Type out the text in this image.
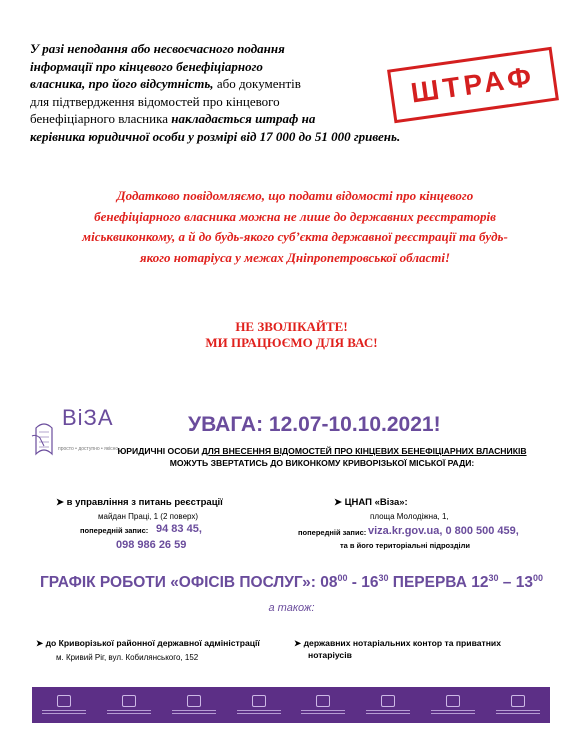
У разі неподання або несвоєчасного подання
інформації про кінцевого бенефіціарного
власника, про його відсутність, або документів
для підтвердження відомостей про кінцевого
бенефіціарного власника накладається штраф на
керівника юридичної особи у розмірі від 17 000 до 51 000 гривень.
ШТРАФ
Додатково повідомляємо, що подати відомості про кінцевого
бенефіціарного власника можна не лише до державних реєстраторів
міськвиконкому, а й до будь-якого суб’єкта державної реєстрації та будь-
якого нотаріуса у межах Дніпропетровської області!
НЕ ЗВОЛІКАЙТЕ!
МИ ПРАЦЮЄМО ДЛЯ ВАС!
ВіЗА
просто • доступно • якісно
УВАГА: 12.07-10.10.2021!
ЮРИДИЧНІ ОСОБИ ДЛЯ ВНЕСЕННЯ ВІДОМОСТЕЙ ПРО КІНЦЕВИХ БЕНЕФІЦІАРНИХ ВЛАСНИКІВ
МОЖУТЬ ЗВЕРТАТИСЬ ДО ВИКОНКОМУ КРИВОРІЗЬКОЇ МІСЬКОЇ РАДИ:
➤ в управління з питань реєстрації
майдан Праці, 1 (2 поверх)
попередній запис: 94 83 45,
098 986 26 59
➤ ЦНАП «Віза»:
площа Молодіжна, 1,
попередній запис: viza.kr.gov.ua, 0 800 500 459,
та в його територіальні підрозділи
ГРАФІК РОБОТИ «ОФІСІВ ПОСЛУГ»: $08^{00} - 16^{30}$ ПЕРЕРВА $12^{30} - 13^{00}$
а також:
➤ до Криворізької районної державної адміністрації
м. Кривий Ріг, вул. Кобилянського, 152
➤ державних нотаріальних контор та приватних
нотаріусів
